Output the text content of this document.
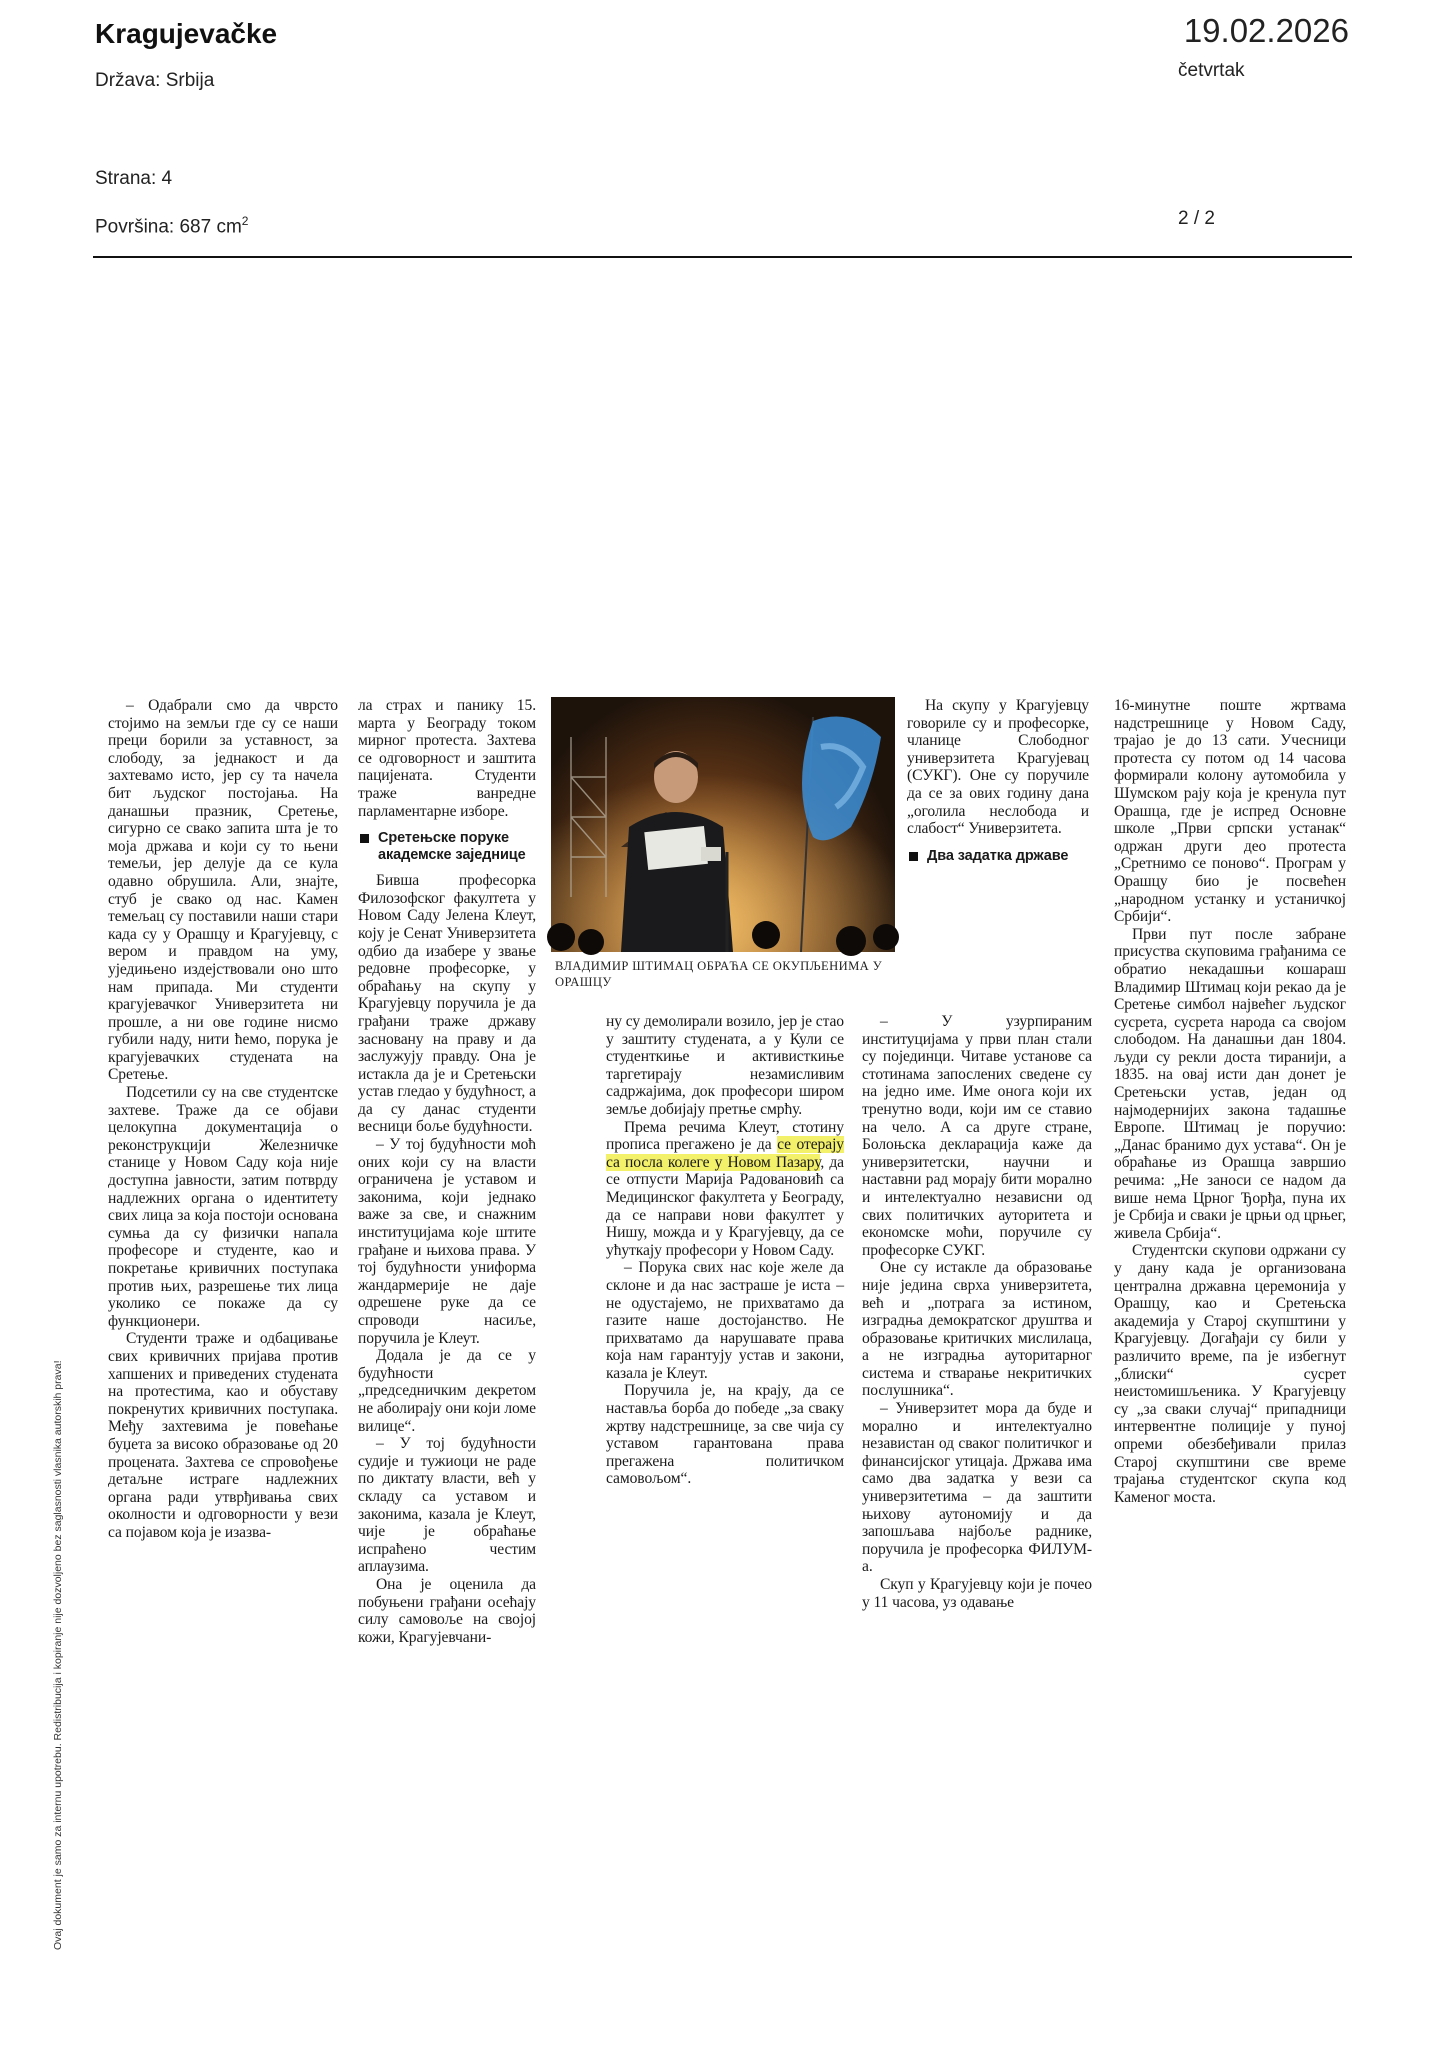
Kragujevačke
Država: Srbija
19.02.2026
četvrtak
Strana: 4
Površina: 687 $cm^2$	2 / 2

– Одабрали смо да чврсто стојимо на земљи где су се наши преци борили за уставност, за слободу, за једнакост и да захтевамо исто, јер су та начела бит људског постојања. На данашњи празник, Сретење, сигурно се свако запита шта је то моја држава и који су то њени темељи, јер делује да се кула одавно обрушила. Али, знајте, стуб је свако од нас. Камен темељац су поставили наши стари када су у Орашцу и Крагујевцу, с вером и правдом на уму, уједињено издејствовали оно што нам припада. Ми студенти крагујевачког Универзитета ни прошле, а ни ове године нисмо губили наду, нити ћемо, порука је крагујевачких студената на Сретење.

Подсетили су на све студентске захтеве. Траже да се објави целокупна документација о реконструкцији Железничке станице у Новом Саду која није доступна јавности, затим потврду надлежних органа о идентитету свих лица за која постоји основана сумња да су физички напала професоре и студенте, као и покретање кривичних поступака против њих, разрешење тих лица уколико се покаже да су функционери.

Студенти траже и одбацивање свих кривичних пријава против хапшених и приведених студената на протестима, као и обуставу покренутих кривичних поступака. Међу захтевима је повећање буџета за високо образовање од 20 процената. Захтева се спровођење детаљне истраге надлежних органа ради утврђивања свих околности и одговорности у вези са појавом која је изазва-

ла страх и панику 15. марта у Београду током мирног протеста. Захтева се одговорност и заштита пацијената. Студенти траже ванредне парламентарне изборе.

Сретењске поруке академске заједнице

Бивша професорка Филозофског факултета у Новом Саду Јелена Клеут, коју је Сенат Универзитета одбио да изабере у звање редовне професорке, у обраћању на скупу у Крагујевцу поручила је да грађани траже државу засновану на праву и да заслужују правду. Она је истакла да је и Сретењски устав гледао у будућност, а да су данас студенти весници боље будућности.

– У тој будућности моћ оних који су на власти ограничена је уставом и законима, који једнако важе за све, и снажним институцијама које штите грађане и њихова права. У тој будућности униформа жандармерије не даје одрешене руке да се спроводи насиље, поручила је Клеут.

Додала је да се у будућности „председничким декретом не аболирају они који ломе вилице“.

– У тој будућности судије и тужиоци не раде по диктату власти, већ у складу са уставом и законима, казала је Клеут, чије је обраћање испраћено честим аплаузима.

Она је оценила да побуњени грађани осећају силу самовоље на својој кожи, Крагујевчани-

ВЛАДИМИР ШТИМАЦ ОБРАЋА СЕ ОКУПЉЕНИМА У ОРАШЦУ

ну су демолирали возило, јер је стао у заштиту студената, а у Кули се студенткиње и активисткиње таргетирају незамисливим садржајима, док професори широм земље добијају претње смрћу.

Према речима Клеут, стотину прописа прегажено је да се отерају са посла колеге у Новом Пазару, да се отпусти Марија Радовановић са Медицинског факултета у Београду, да се направи нови факултет у Нишу, можда и у Крагујевцу, да се ућуткају професори у Новом Саду.

– Порука свих нас које желе да склоне и да нас застраше је иста – не одустајемо, не прихватамо да газите наше достојанство. Не прихватамо да нарушавате права која нам гарантују устав и закони, казала је Клеут.

Поручила је, на крају, да се настављa борба до победе „за сваку жртву надстрешнице, за све чија су уставом гарантована права прегажена политичком самовољом“.

На скупу у Крагујевцу говориле су и професорке, чланице Слободног универзитета Крагујевац (СУКГ). Оне су поручиле да се за ових годину дана „оголила неслобода и слабост“ Универзитета.

Два задатка државе

– У узурпираним институцијама у први план стали су појединци. Читаве установе са стотинама запослених сведене су на једно име. Име онога који их тренутно води, који им се ставио на чело. А са друге стране, Болоњска декларација каже да универзитетски, научни и наставни рад морају бити морално и интелектуално независни од свих политичких ауторитета и економске моћи, поручиле су професорке СУКГ.

Оне су истакле да образовање није једина сврха универзитета, већ и „потрага за истином, изградња демократског друштва и образовање критичких мислилаца, а не изградња ауторитарног система и стварање некритичких послушника“.

– Универзитет мора да буде и морално и интелектуално независтан од сваког политичког и финансијског утицаја. Држава има само два задатка у вези са универзитетима – да заштити њихову аутономију и да запошљава најбоље раднике, поручила је професорка ФИЛУМ-а.

Скуп у Крагујевцу који је почео у 11 часова, уз одавање

16-минутне поште жртвама надстрешнице у Новом Саду, трајао је до 13 сати. Учесници протеста су потом од 14 часова формирали колону аутомобила у Шумском рају која је кренула пут Орашца, где је испред Основне школе „Први српски устанак“ одржан други део протеста „Сретнимо се поново“. Програм у Орашцу био је посвећен „народном устанку и устаничкој Србији“.

Први пут после забране присуства скуповима грађанима се обратио некадашњи кошараш Владимир Штимац који рекао да је Сретење симбол највећег људског сусрета, сусрета народа са својом слободом. На данашњи дан 1804. људи су рекли доста тиранији, а 1835. на овај исти дан донет је Сретењски устав, један од најмодернијих закона тадашње Европе. Штимац је поручио: „Данас бранимо дух устава“. Он је обраћање из Орашца завршио речима: „Не заноси се надом да више нема Црног Ђорђа, пуна их је Србија и сваки је црњи од црњег, живела Србија“.

Студентски скупови одржани су у дану када је организована централна државна церемонија у Орашцу, као и Сретењска академија у Старој скупштини у Крагујевцу. Догађаји су били у различито време, па је избегнут „блиски“ сусрет неистомишљеника. У Крагујевцу су „за сваки случај“ припадници интервентне полиције у пуној опреми обезбеђивали прилаз Старој скупштини све време трајања студентског скупа код Каменог моста.

Ovaj dokument je samo za internu upotrebu. Redistribucija i kopiranje nije dozvoljeno bez saglasnosti vlasnika autorskih prava!
